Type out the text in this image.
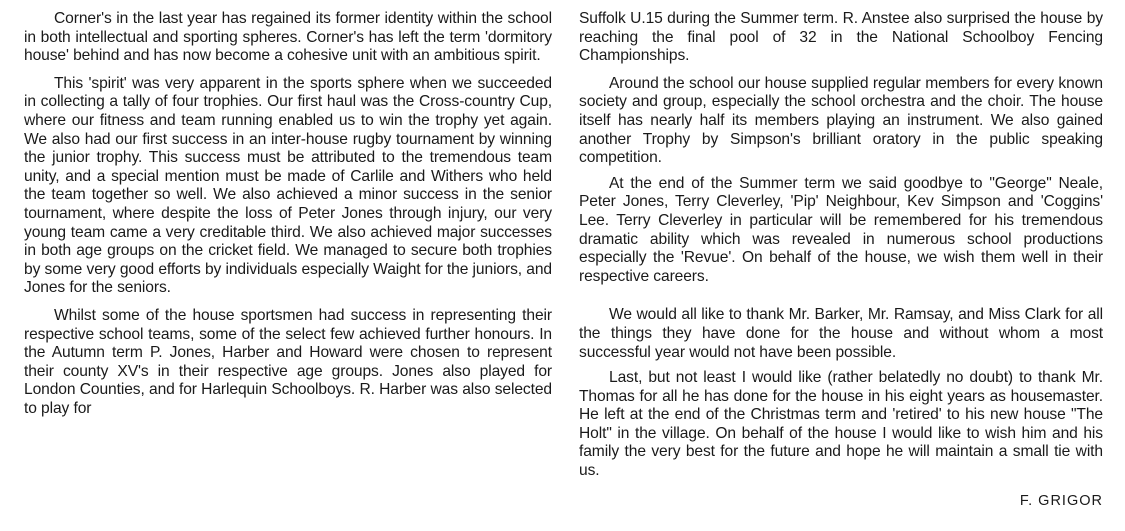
Corner's in the last year has regained its former identity within the school in both intellectual and sporting spheres. Corner's has left the term 'dormitory house' behind and has now become a cohesive unit with an ambitious spirit.

This 'spirit' was very apparent in the sports sphere when we succeeded in collecting a tally of four trophies. Our first haul was the Cross-country Cup, where our fitness and team running enabled us to win the trophy yet again. We also had our first success in an inter-house rugby tournament by winning the junior trophy. This success must be attributed to the tremendous team unity, and a special mention must be made of Carlile and Withers who held the team together so well. We also achieved a minor success in the senior tournament, where despite the loss of Peter Jones through injury, our very young team came a very creditable third. We also achieved major successes in both age groups on the cricket field. We managed to secure both trophies by some very good efforts by individuals especially Waight for the juniors, and Jones for the seniors.

Whilst some of the house sportsmen had success in representing their respective school teams, some of the select few achieved further honours. In the Autumn term P. Jones, Harber and Howard were chosen to represent their county XV's in their respective age groups. Jones also played for London Counties, and for Harlequin Schoolboys. R. Harber was also selected to play for

Suffolk U.15 during the Summer term. R. Anstee also surprised the house by reaching the final pool of 32 in the National Schoolboy Fencing Championships.

Around the school our house supplied regular members for every known society and group, especially the school orchestra and the choir. The house itself has nearly half its members playing an instrument. We also gained another Trophy by Simpson's brilliant oratory in the public speaking competition.

At the end of the Summer term we said goodbye to "George" Neale, Peter Jones, Terry Cleverley, 'Pip' Neighbour, Kev Simpson and 'Coggins' Lee. Terry Cleverley in particular will be remembered for his tremendous dramatic ability which was revealed in numerous school productions especially the 'Revue'. On behalf of the house, we wish them well in their respective careers.

We would all like to thank Mr. Barker, Mr. Ramsay, and Miss Clark for all the things they have done for the house and without whom a most successful year would not have been possible.

Last, but not least I would like (rather belatedly no doubt) to thank Mr. Thomas for all he has done for the house in his eight years as housemaster. He left at the end of the Christmas term and 'retired' to his new house "The Holt" in the village. On behalf of the house I would like to wish him and his family the very best for the future and hope he will maintain a small tie with us.

F. GRIGOR
